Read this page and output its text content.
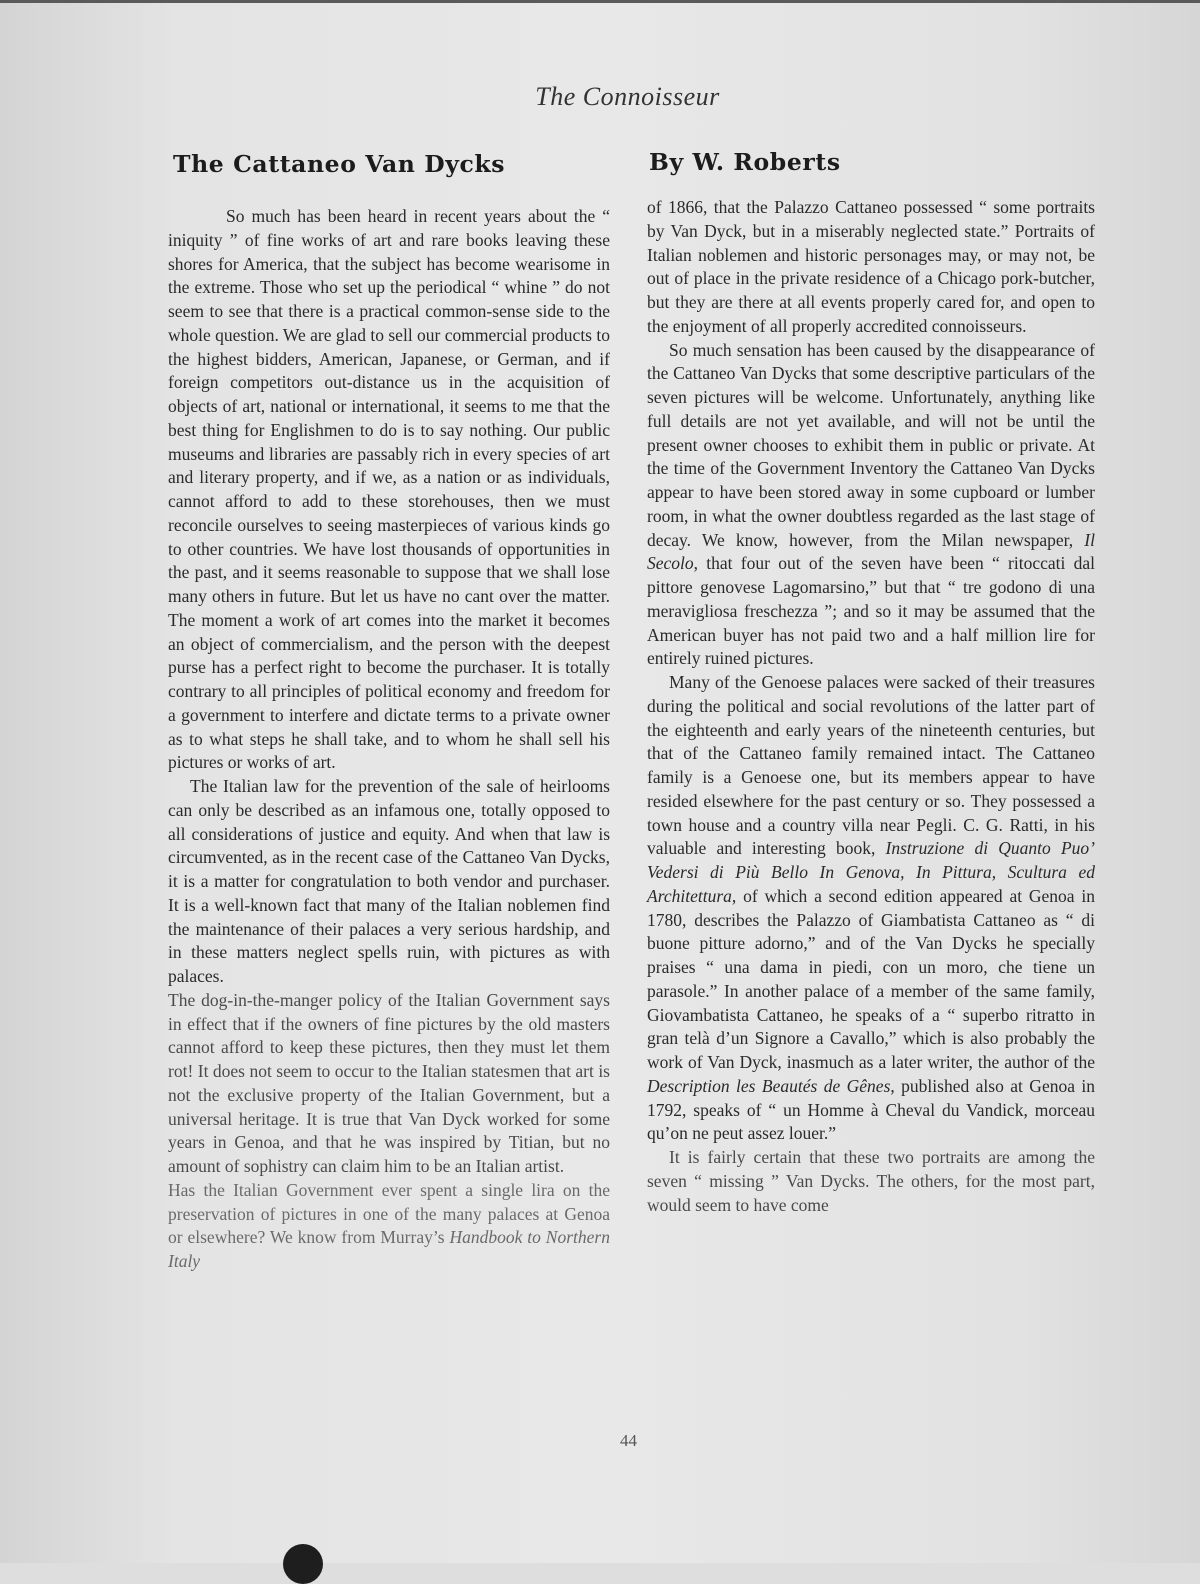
The Connoisseur
The Cattaneo Van Dycks

So much has been heard in recent years about the “ iniquity ” of fine works of art and rare books leaving these shores for America, that the subject has become wearisome in the extreme. Those who set up the periodical “ whine ” do not seem to see that there is a practical common-sense side to the whole question. We are glad to sell our commercial products to the highest bidders, American, Japanese, or German, and if foreign competitors out-distance us in the acquisition of objects of art, national or international, it seems to me that the best thing for Englishmen to do is to say nothing. Our public museums and libraries are passably rich in every species of art and literary property, and if we, as a nation or as individuals, cannot afford to add to these storehouses, then we must reconcile ourselves to seeing masterpieces of various kinds go to other countries. We have lost thousands of opportunities in the past, and it seems reasonable to suppose that we shall lose many others in future. But let us have no cant over the matter. The moment a work of art comes into the market it becomes an object of commercialism, and the person with the deepest purse has a perfect right to become the purchaser. It is totally contrary to all principles of political economy and freedom for a government to interfere and dictate terms to a private owner as to what steps he shall take, and to whom he shall sell his pictures or works of art.

The Italian law for the prevention of the sale of heirlooms can only be described as an infamous one, totally opposed to all considerations of justice and equity. And when that law is circumvented, as in the recent case of the Cattaneo Van Dycks, it is a matter for congratulation to both vendor and purchaser. It is a well-known fact that many of the Italian noblemen find the maintenance of their palaces a very serious hardship, and in these matters neglect spells ruin, with pictures as with palaces.

The dog-in-the-manger policy of the Italian Government says in effect that if the owners of fine pictures by the old masters cannot afford to keep these pictures, then they must let them rot! It does not seem to occur to the Italian statesmen that art is not the exclusive property of the Italian Government, but a universal heritage. It is true that Van Dyck worked for some years in Genoa, and that he was inspired by Titian, but no amount of sophistry can claim him to be an Italian artist.

Has the Italian Government ever spent a single lira on the preservation of pictures in one of the many palaces at Genoa or elsewhere? We know from Murray’s Handbook to Northern Italy

By W. Roberts

of 1866, that the Palazzo Cattaneo possessed “ some portraits by Van Dyck, but in a miserably neglected state.” Portraits of Italian noblemen and historic personages may, or may not, be out of place in the private residence of a Chicago pork-butcher, but they are there at all events properly cared for, and open to the enjoyment of all properly accredited connoisseurs.

So much sensation has been caused by the disappearance of the Cattaneo Van Dycks that some descriptive particulars of the seven pictures will be welcome. Unfortunately, anything like full details are not yet available, and will not be until the present owner chooses to exhibit them in public or private. At the time of the Government Inventory the Cattaneo Van Dycks appear to have been stored away in some cupboard or lumber room, in what the owner doubtless regarded as the last stage of decay. We know, however, from the Milan newspaper, Il Secolo, that four out of the seven have been “ ritoccati dal pittore genovese Lagomarsino,” but that “ tre godono di una meravigliosa freschezza ”; and so it may be assumed that the American buyer has not paid two and a half million lire for entirely ruined pictures.

Many of the Genoese palaces were sacked of their treasures during the political and social revolutions of the latter part of the eighteenth and early years of the nineteenth centuries, but that of the Cattaneo family remained intact. The Cattaneo family is a Genoese one, but its members appear to have resided elsewhere for the past century or so. They possessed a town house and a country villa near Pegli. C. G. Ratti, in his valuable and interesting book, Instruzione di Quanto Puo’ Vedersi di Più Bello In Genova, In Pittura, Scultura ed Architettura, of which a second edition appeared at Genoa in 1780, describes the Palazzo of Giambatista Cattaneo as “ di buone pitture adorno,” and of the Van Dycks he specially praises “ una dama in piedi, con un moro, che tiene un parasole.” In another palace of a member of the same family, Giovambatista Cattaneo, he speaks of a “ superbo ritratto in gran telà d’un Signore a Cavallo,” which is also probably the work of Van Dyck, inasmuch as a later writer, the author of the Description les Beautés de Gênes, published also at Genoa in 1792, speaks of “ un Homme à Cheval du Vandick, morceau qu’on ne peut assez louer.”

It is fairly certain that these two portraits are among the seven “ missing ” Van Dycks. The others, for the most part, would seem to have come

44
